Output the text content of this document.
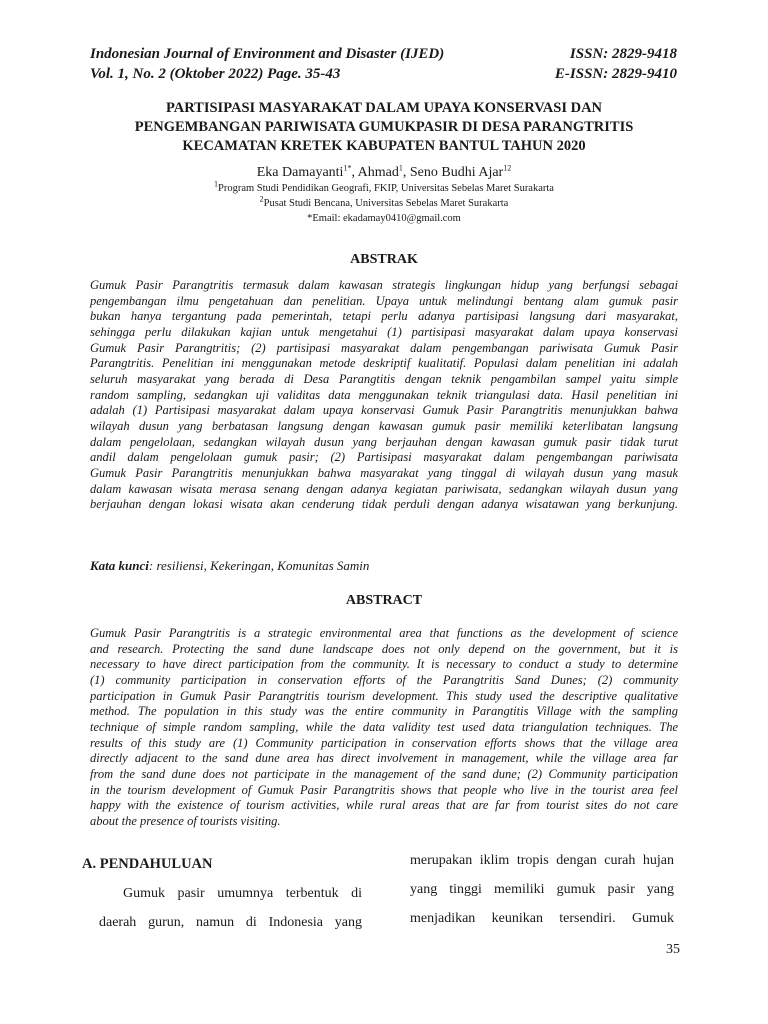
Indonesian Journal of Environment and Disaster (IJED)
Vol. 1, No. 2 (Oktober 2022) Page. 35-43
ISSN: 2829-9418
E-ISSN: 2829-9410
PARTISIPASI MASYARAKAT DALAM UPAYA KONSERVASI DAN
PENGEMBANGAN PARIWISATA GUMUKPASIR DI DESA PARANGTRITIS
KECAMATAN KRETEK KABUPATEN BANTUL TAHUN 2020
Eka Damayanti$^{1*}$, Ahmad$^1$, Seno Budhi Ajar$^{12}$
$^1$Program Studi Pendidikan Geografi, FKIP, Universitas Sebelas Maret Surakarta
$^2$Pusat Studi Bencana, Universitas Sebelas Maret Surakarta
*Email: ekadamay0410@gmail.com
ABSTRAK
Gumuk Pasir Parangtritis termasuk dalam kawasan strategis lingkungan hidup yang berfungsi sebagai
pengembangan ilmu pengetahuan dan penelitian. Upaya untuk melindungi bentang alam gumuk pasir
bukan hanya tergantung pada pemerintah, tetapi perlu adanya partisipasi langsung dari masyarakat,
sehingga perlu dilakukan kajian untuk mengetahui (1) partisipasi masyarakat dalam upaya konservasi
Gumuk Pasir Parangtritis; (2) partisipasi masyarakat dalam pengembangan pariwisata Gumuk Pasir
Parangtritis. Penelitian ini menggunakan metode deskriptif kualitatif. Populasi dalam penelitian ini adalah
seluruh masyarakat yang berada di Desa Parangtitis dengan teknik pengambilan sampel yaitu simple
random sampling, sedangkan uji validitas data menggunakan teknik triangulasi data. Hasil penelitian ini
adalah (1) Partisipasi masyarakat dalam upaya konservasi Gumuk Pasir Parangtritis menunjukkan bahwa
wilayah dusun yang berbatasan langsung dengan kawasan gumuk pasir memiliki keterlibatan langsung
dalam pengelolaan, sedangkan wilayah dusun yang berjauhan dengan kawasan gumuk pasir tidak turut
andil dalam pengelolaan gumuk pasir; (2) Partisipasi masyarakat dalam pengembangan pariwisata
Gumuk Pasir Parangtritis menunjukkan bahwa masyarakat yang tinggal di wilayah dusun yang masuk
dalam kawasan wisata merasa senang dengan adanya kegiatan pariwisata, sedangkan wilayah dusun yang
berjauhan dengan lokasi wisata akan cenderung tidak perduli dengan adanya wisatawan yang berkunjung.
Kata kunci: resiliensi, Kekeringan, Komunitas Samin
ABSTRACT
Gumuk Pasir Parangtritis is a strategic environmental area that functions as the development of science
and research. Protecting the sand dune landscape does not only depend on the government, but it is
necessary to have direct participation from the community. It is necessary to conduct a study to determine
(1) community participation in conservation efforts of the Parangtritis Sand Dunes; (2) community
participation in Gumuk Pasir Parangtritis tourism development. This study used the descriptive qualitative
method. The population in this study was the entire community in Parangtitis Village with the sampling
technique of simple random sampling, while the data validity test used data triangulation techniques. The
results of this study are (1) Community participation in conservation efforts shows that the village area
directly adjacent to the sand dune area has direct involvement in management, while the village area far
from the sand dune does not participate in the management of the sand dune; (2) Community participation
in the tourism development of Gumuk Pasir Parangtritis shows that people who live in the tourist area feel
happy with the existence of tourism activities, while rural areas that are far from tourist sites do not care
about the presence of tourists visiting.
A. PENDAHULUAN
Gumuk pasir umumnya terbentuk di
daerah gurun, namun di Indonesia yang
merupakan iklim tropis dengan curah hujan
yang tinggi memiliki gumuk pasir yang
menjadikan keunikan tersendiri. Gumuk
35
